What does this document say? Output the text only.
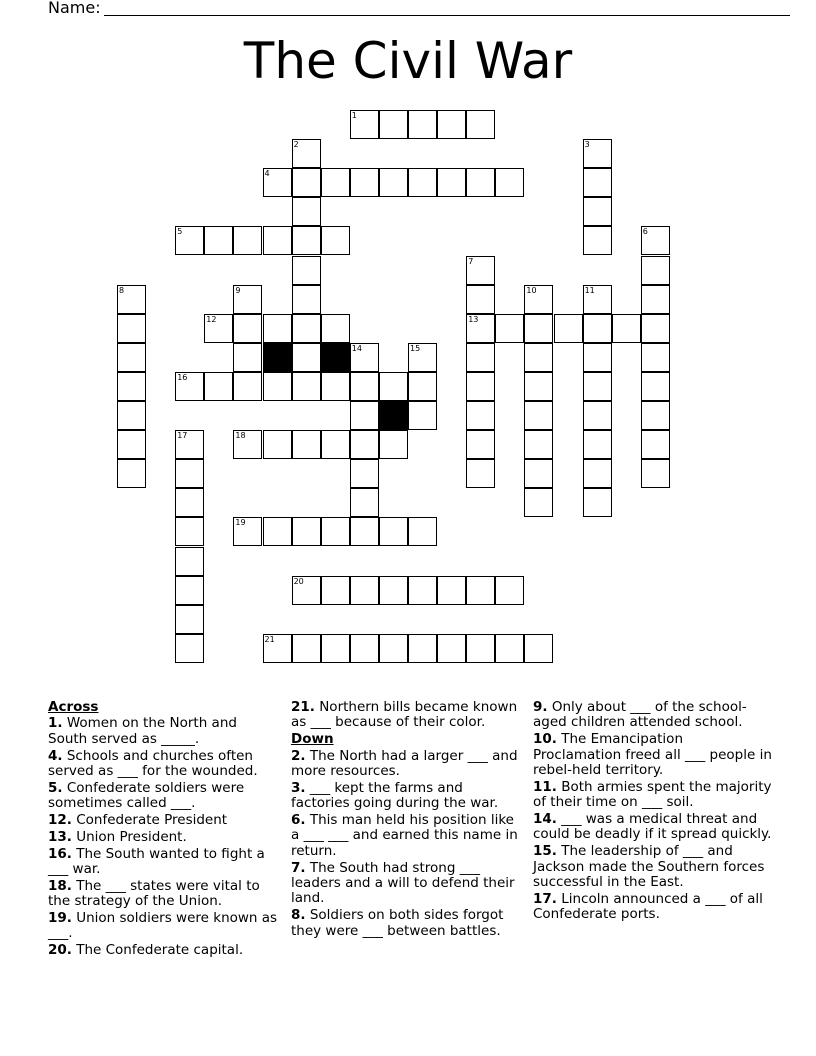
Name:
The Civil War
1
2	3
4
5	6
7
8	9	10	11
12	13
14	15
16
17	18
19
20
21
Across
1. Women on the North and South served as _____.
4. Schools and churches often served as ___ for the wounded.
5. Confederate soldiers were sometimes called ___.
12. Confederate President
13. Union President.
16. The South wanted to fight a ___ war.
18. The ___ states were vital to the strategy of the Union.
19. Union soldiers were known as ___.
20. The Confederate capital.
21. Northern bills became known as ___ because of their color.
Down
2. The North had a larger ___ and more resources.
3. ___ kept the farms and factories going during the war.
6. This man held his position like a ___ ___ and earned this name in return.
7. The South had strong ___ leaders and a will to defend their land.
8. Soldiers on both sides forgot they were ___ between battles.
9. Only about ___ of the school-aged children attended school.
10. The Emancipation Proclamation freed all ___ people in rebel-held territory.
11. Both armies spent the majority of their time on ___ soil.
14. ___ was a medical threat and could be deadly if it spread quickly.
15. The leadership of ___ and Jackson made the Southern forces successful in the East.
17. Lincoln announced a ___ of all Confederate ports.
